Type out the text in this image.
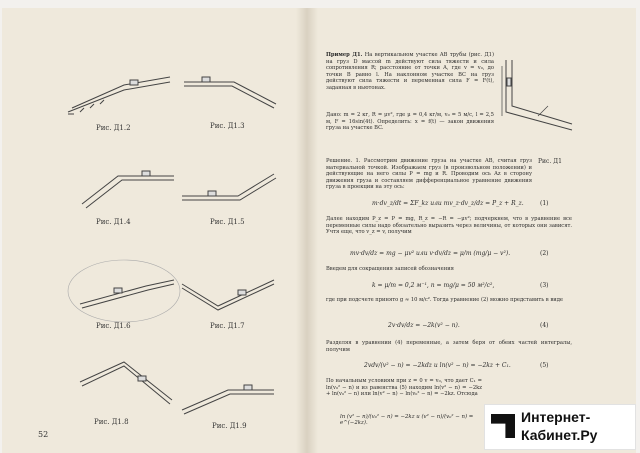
Рис. Д1.2	Рис. Д1.3
Рис. Д1.4	Рис. Д1.5
Рис. Д1.6	Рис. Д1.7
Рис. Д1.8	Рис. Д1.9
52
Пример Д1. На вертикальном участке AB трубы (рис. Д1) на груз D массой m действуют сила тяжести и сила сопротивления R; расстояние от точки A, где v = v₀, до точки B равно l. На наклонном участке BC на груз действуют сила тяжести и переменная сила F = F(t), заданная в ньютонах.
Дано: m = 2 кг, R = μv², где μ = 0,4 кг/м, v₀ = 5 м/с, l = 2,5 м, F = 16sin(4t). Определить: x = f(t) — закон движения груза на участке BC.
Рис. Д1
Решение. 1. Рассмотрим движение груза на участке AB, считая груз материальной точкой. Изображаем груз (в произвольном положении) и действующие на него силы P = mg и R. Проводим ось Az в сторону движения груза и составляем дифференциальное уравнение движения груза в проекции на эту ось:
m·dv_z/dt = ΣF_kz или mv_z·dv_z/dz = P_z + R_z.	(1)
Далее находим P_z = P = mg, R_z = −R = −μv²; подчеркнем, что в уравнение все переменные силы надо обязательно выразить через величины, от которых они зависят. Учтя еще, что v_z = v, получим
mv·dv/dz = mg − μv² или v·dv/dz = μ/m (mg/μ − v²).	(2)
Введем для сокращения записей обозначения
k = μ/m = 0,2 м⁻¹, n = mg/μ = 50 м²/с²,	(3)
где при подсчете принято g ≈ 10 м/с². Тогда уравнение (2) можно представить в виде
2v·dv/dz = −2k(v² − n).	(4)
Разделяя в уравнении (4) переменные, а затем беря от обеих частей интегралы, получим
2vdv/(v² − n) = −2kdz и ln(v² − n) = −2kz + C₁.	(5)
По начальным условиям при z = 0 v = v₀, что дает C₁ = ln(v₀² − n) и из равенства (5) находим ln(v² − n) = −2kz + ln(v₀² − n) или ln(v² − n) − ln(v₀² − n) = −2kz. Отсюда
ln (v² − n)/(v₀² − n) = −2kz и (v² − n)/(v₀² − n) = e^(−2kz).	Интернет-
Кабинет.Ру
